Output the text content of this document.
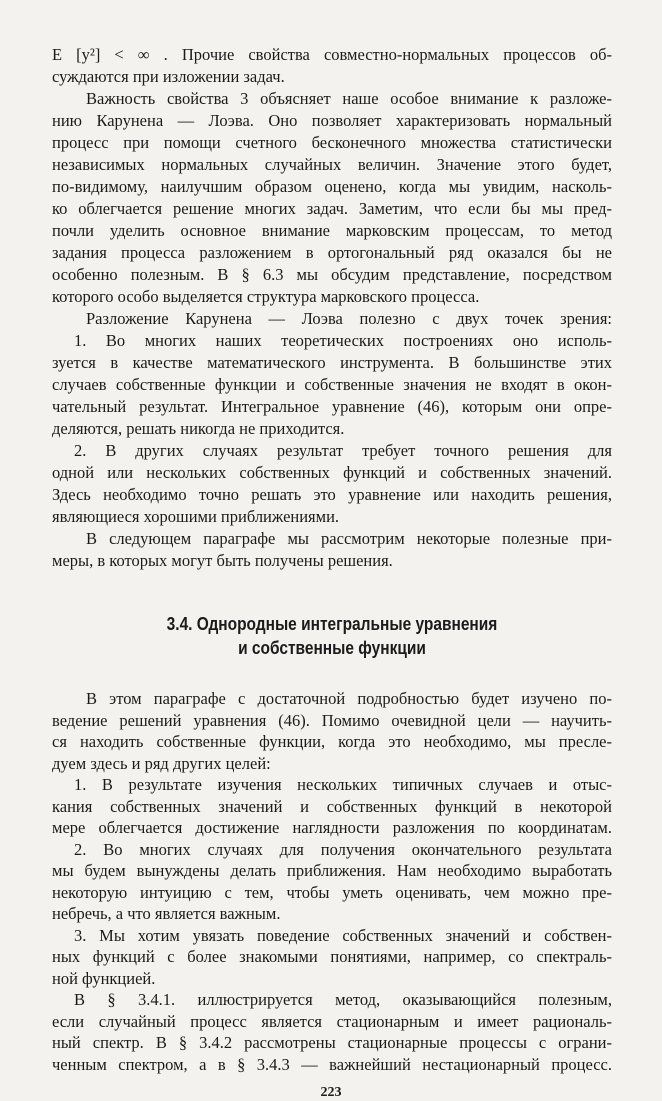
E [y²] < ∞ . Прочие свойства совместно-нормальных процессов об-
суждаются при изложении задач.
Важность свойства 3 объясняет наше особое внимание к разложе-
нию Карунена — Лоэва. Оно позволяет характеризовать нормальный
процесс при помощи счетного бесконечного множества статистически
независимых нормальных случайных величин. Значение этого будет,
по-видимому, наилучшим образом оценено, когда мы увидим, насколь-
ко облегчается решение многих задач. Заметим, что если бы мы пред-
почли уделить основное внимание марковским процессам, то метод
задания процесса разложением в ортогональный ряд оказался бы не
особенно полезным. В § 6.3 мы обсудим представление, посредством
которого особо выделяется структура марковского процесса.
Разложение Карунена — Лоэва полезно с двух точек зрения:
1. Во многих наших теоретических построениях оно исполь-
зуется в качестве математического инструмента. В большинстве этих
случаев собственные функции и собственные значения не входят в окон-
чательный результат. Интегральное уравнение (46), которым они опре-
деляются, решать никогда не приходится.
2. В других случаях результат требует точного решения для
одной или нескольких собственных функций и собственных значений.
Здесь необходимо точно решать это уравнение или находить решения,
являющиеся хорошими приближениями.
В следующем параграфе мы рассмотрим некоторые полезные при-
меры, в которых могут быть получены решения.
3.4. Однородные интегральные уравнения
и собственные функции
В этом параграфе с достаточной подробностью будет изучено по-
ведение решений уравнения (46). Помимо очевидной цели — научить-
ся находить собственные функции, когда это необходимо, мы пресле-
дуем здесь и ряд других целей:
1. В результате изучения нескольких типичных случаев и отыс-
кания собственных значений и собственных функций в некоторой
мере облегчается достижение наглядности разложения по координатам.
2. Во многих случаях для получения окончательного результата
мы будем вынуждены делать приближения. Нам необходимо выработать
некоторую интуицию с тем, чтобы уметь оценивать, чем можно пре-
небречь, а что является важным.
3. Мы хотим увязать поведение собственных значений и собствен-
ных функций с более знакомыми понятиями, например, со спектраль-
ной функцией.
В § 3.4.1. иллюстрируется метод, оказывающийся полезным,
если случайный процесс является стационарным и имеет рациональ-
ный спектр. В § 3.4.2 рассмотрены стационарные процессы с ограни-
ченным спектром, а в § 3.4.3 — важнейший нестационарный процесс.
223
